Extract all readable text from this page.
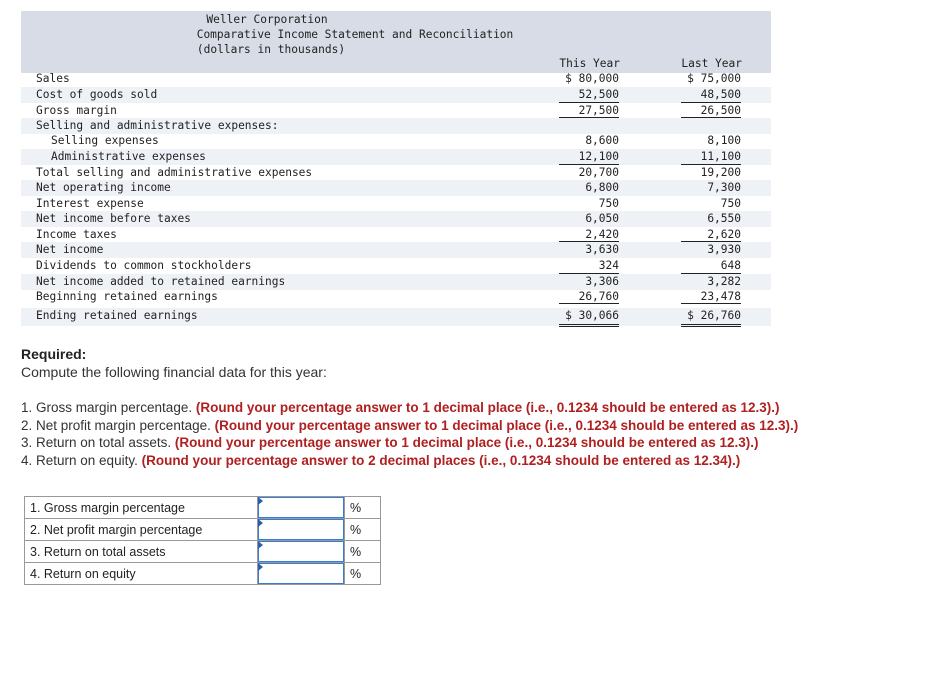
Weller Corporation
Comparative Income Statement and Reconciliation
(dollars in thousands)
This Year	Last Year
Sales	$ 80,000	$ 75,000
Cost of goods sold	52,500	48,500
Gross margin	27,500	26,500
Selling and administrative expenses:
Selling expenses	8,600	8,100
Administrative expenses	12,100	11,100
Total selling and administrative expenses	20,700	19,200
Net operating income	6,800	7,300
Interest expense	750	750
Net income before taxes	6,050	6,550
Income taxes	2,420	2,620
Net income	3,630	3,930
Dividends to common stockholders	324	648
Net income added to retained earnings	3,306	3,282
Beginning retained earnings	26,760	23,478
Ending retained earnings	$ 30,066	$ 26,760
Required:
Compute the following financial data for this year:
1. Gross margin percentage. (Round your percentage answer to 1 decimal place (i.e., 0.1234 should be entered as 12.3).)
2. Net profit margin percentage. (Round your percentage answer to 1 decimal place (i.e., 0.1234 should be entered as 12.3).)
3. Return on total assets. (Round your percentage answer to 1 decimal place (i.e., 0.1234 should be entered as 12.3).)
4. Return on equity. (Round your percentage answer to 2 decimal places (i.e., 0.1234 should be entered as 12.34).)
1. Gross margin percentage		%
2. Net profit margin percentage		%
3. Return on total assets		%
4. Return on equity		%
